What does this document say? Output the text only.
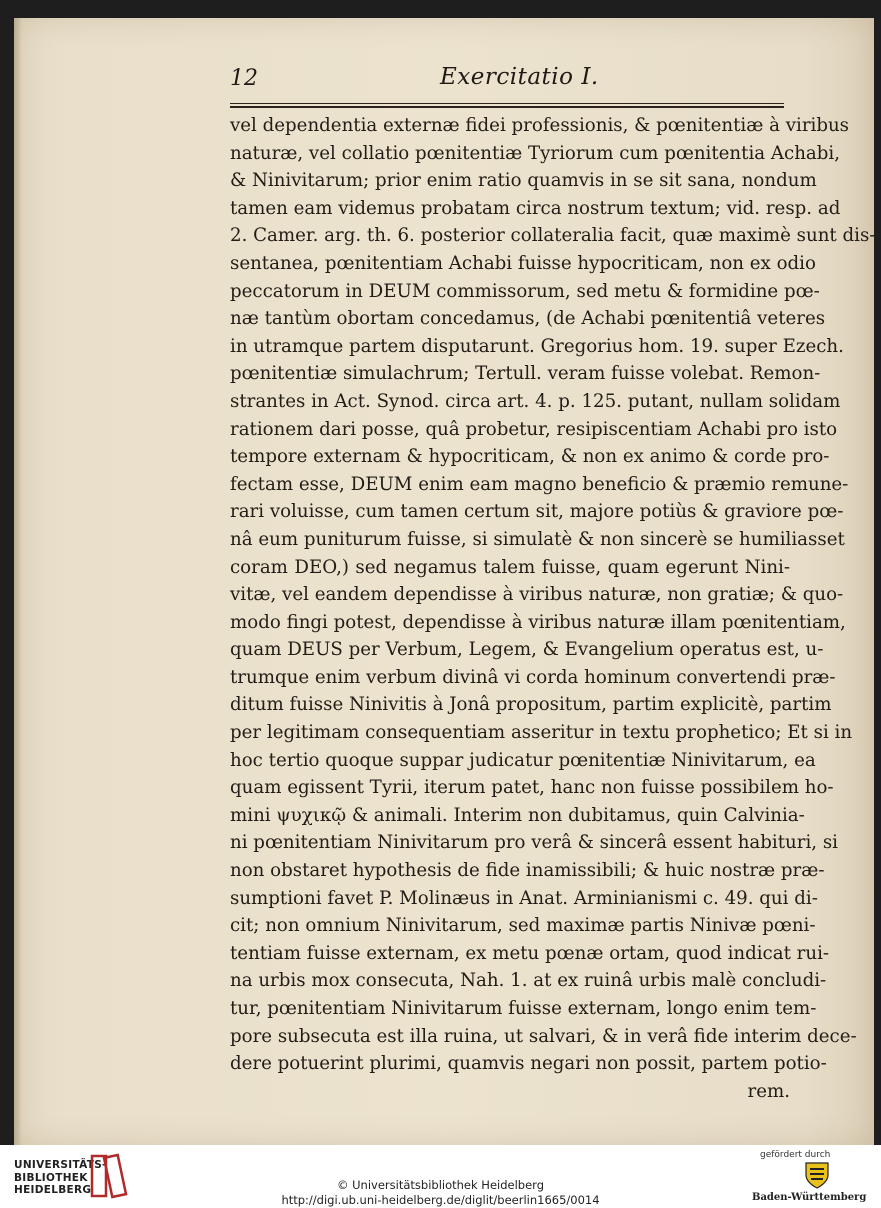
12	Exercitatio I.
vel dependentia externæ fidei professionis, & pœnitentiæ à viribus
naturæ, vel collatio pœnitentiæ Tyriorum cum pœnitentia Achabi,
& Ninivitarum; prior enim ratio quamvis in se sit sana, nondum
tamen eam videmus probatam circa nostrum textum; vid. resp. ad
2. Camer. arg. th. 6. posterior collateralia facit, quæ maximè sunt dis-
sentanea, pœnitentiam Achabi fuisse hypocriticam, non ex odio
peccatorum in DEUM commissorum, sed metu & formidine pœ-
næ tantùm obortam concedamus, (de Achabi pœnitentiâ veteres
in utramque partem disputarunt. Gregorius hom. 19. super Ezech.
pœnitentiæ simulachrum; Tertull. veram fuisse volebat. Remon-
strantes in Act. Synod. circa art. 4. p. 125. putant, nullam solidam
rationem dari posse, quâ probetur, resipiscentiam Achabi pro isto
tempore externam & hypocriticam, & non ex animo & corde pro-
fectam esse, DEUM enim eam magno beneficio & præmio remune-
rari voluisse, cum tamen certum sit, majore potiùs & graviore pœ-
nâ eum puniturum fuisse, si simulatè & non sincerè se humiliasset
coram DEO,) sed negamus talem fuisse, quam egerunt Nini-
vitæ, vel eandem dependisse à viribus naturæ, non gratiæ; & quo-
modo fingi potest, dependisse à viribus naturæ illam pœnitentiam,
quam DEUS per Verbum, Legem, & Evangelium operatus est, u-
trumque enim verbum divinâ vi corda hominum convertendi præ-
ditum fuisse Ninivitis à Jonâ propositum, partim explicitè, partim
per legitimam consequentiam asseritur in textu prophetico; Et si in
hoc tertio quoque suppar judicatur pœnitentiæ Ninivitarum, ea
quam egissent Tyrii, iterum patet, hanc non fuisse possibilem ho-
mini ψυχικῷ & animali. Interim non dubitamus, quin Calvinia-
ni pœnitentiam Ninivitarum pro verâ & sincerâ essent habituri, si
non obstaret hypothesis de fide inamissibili; & huic nostræ præ-
sumptioni favet P. Molinæus in Anat. Arminianismi c. 49. qui di-
cit; non omnium Ninivitarum, sed maximæ partis Ninivæ pœni-
tentiam fuisse externam, ex metu pœnæ ortam, quod indicat rui-
na urbis mox consecuta, Nah. 1. at ex ruinâ urbis malè concludi-
tur, pœnitentiam Ninivitarum fuisse externam, longo enim tem-
pore subsecuta est illa ruina, ut salvari, & in verâ fide interim dece-
dere potuerint plurimi, quamvis negari non possit, partem potio-
rem.
UNIVERSITÄTS-
BIBLIOTHEK
HEIDELBERG	© Universitätsbibliothek Heidelberg
http://digi.ub.uni-heidelberg.de/diglit/beerlin1665/0014
gefördert durch
Baden-Württemberg
